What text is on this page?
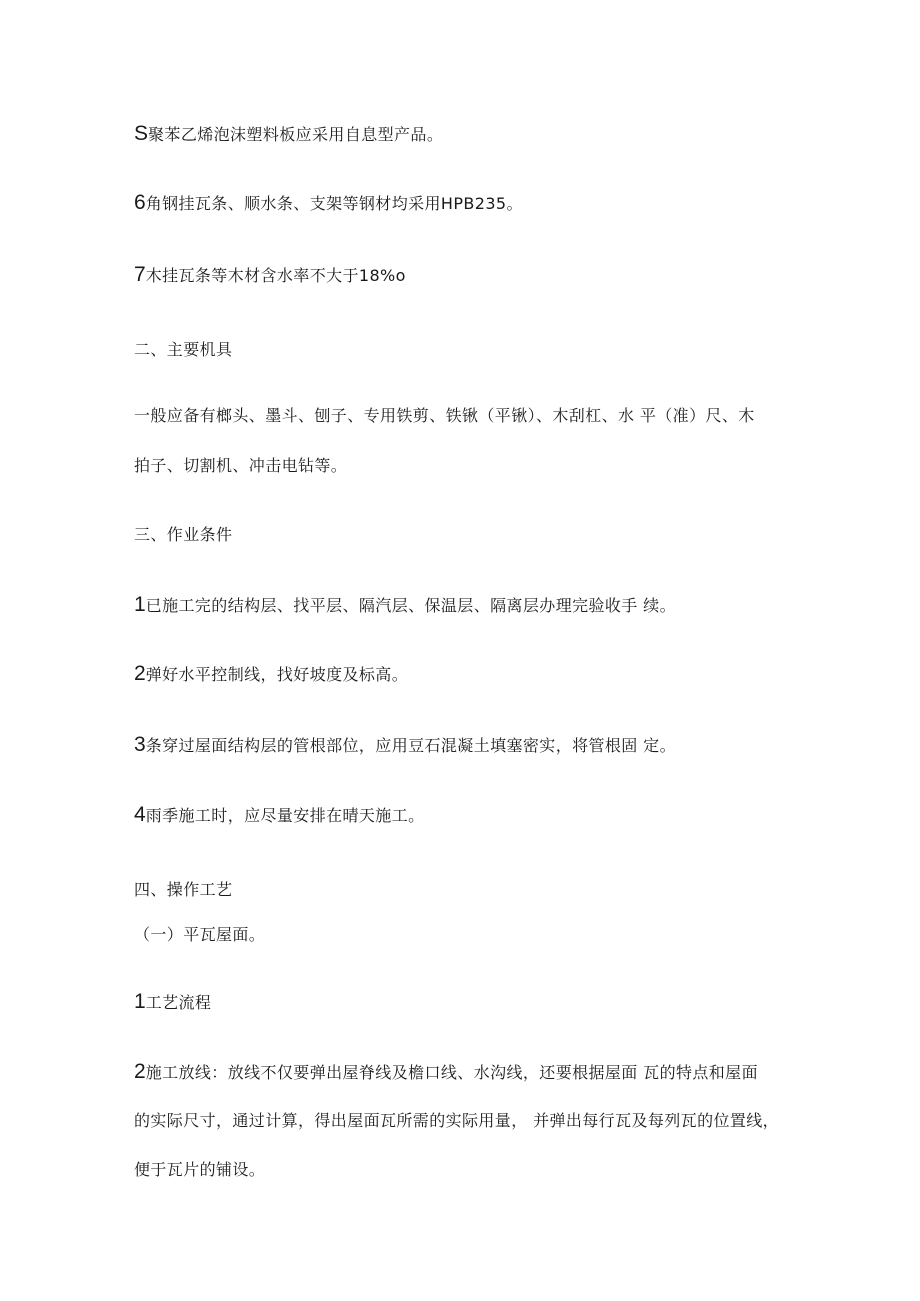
S聚苯乙烯泡沫塑料板应采用自息型产品。
6角钢挂瓦条、顺水条、支架等钢材均采用HPB235。
7木挂瓦条等木材含水率不大于18%o
二、主要机具
一般应备有榔头、墨斗、刨子、专用铁剪、铁锹（平锹）、木刮杠、水 平（准）尺、木
拍子、切割机、冲击电钻等。
三、作业条件
1已施工完的结构层、找平层、隔汽层、保温层、隔离层办理完验收手 续。
2弹好水平控制线，找好坡度及标高。
3条穿过屋面结构层的管根部位，应用豆石混凝土填塞密实，将管根固 定。
4雨季施工时，应尽量安排在晴天施工。
四、操作工艺
（一）平瓦屋面。
1工艺流程
2施工放线：放线不仅要弹出屋脊线及檐口线、水沟线，还要根据屋面 瓦的特点和屋面
的实际尺寸，通过计算，得出屋面瓦所需的实际用量， 并弹出每行瓦及每列瓦的位置线，
便于瓦片的铺设。
